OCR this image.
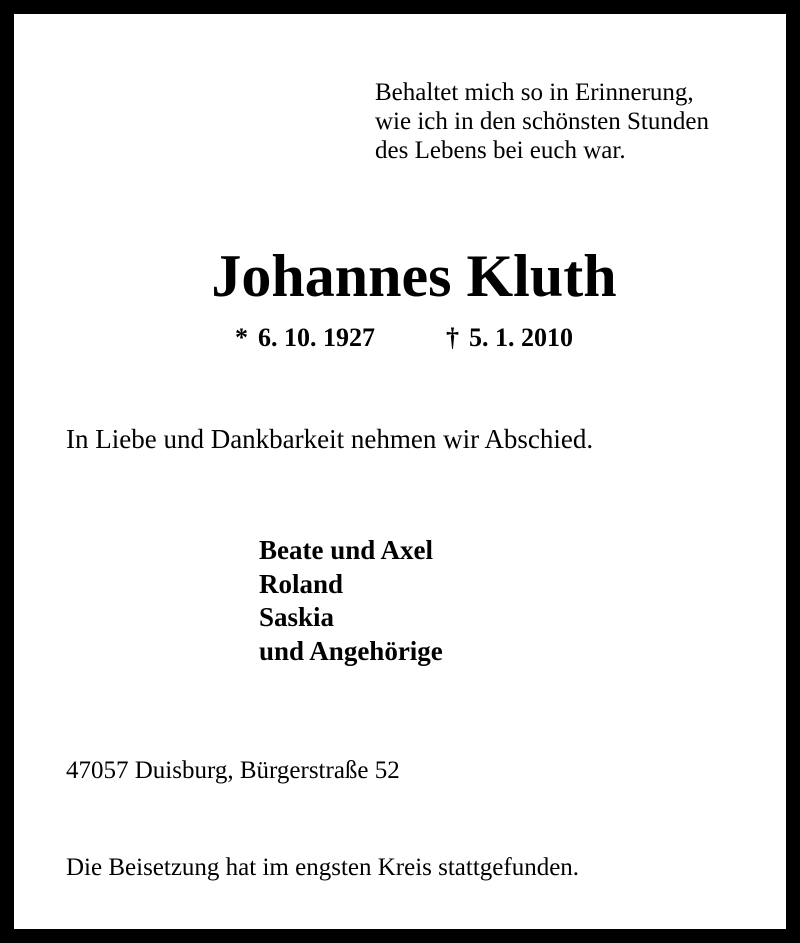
Behaltet mich so in Erinnerung,
wie ich in den schönsten Stunden
des Lebens bei euch war.
Johannes Kluth
* 6. 10. 1927	† 5. 1. 2010
In Liebe und Dankbarkeit nehmen wir Abschied.
Beate und Axel
Roland
Saskia
und Angehörige
47057 Duisburg, Bürgerstraße 52
Die Beisetzung hat im engsten Kreis stattgefunden.
